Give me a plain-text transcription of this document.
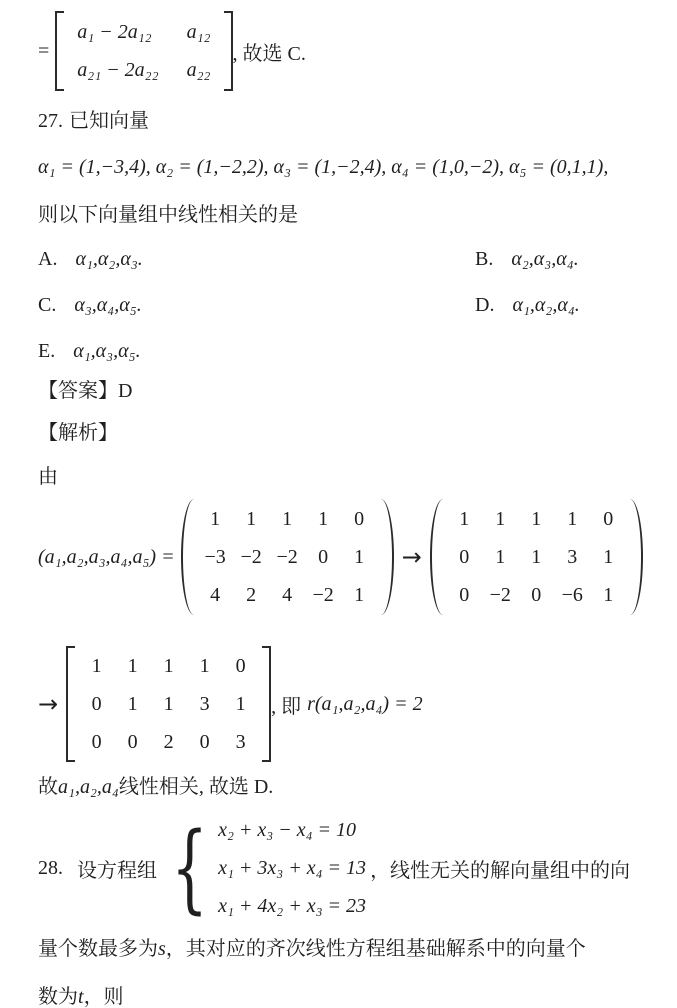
=
a₁ − 2a₁₂ a₁₂
a₂₁ − 2a₂₂ a₂₂
, 故选 C.
27. 已知向量
α₁ = (1,−3,4), α₂ = (1,−2,2), α₃ = (1,−2,4), α₄ = (1,0,−2), α₅ = (0,1,1),
则以下向量组中线性相关的是
A. α₁,α₂,α₃.	B. α₂,α₃,α₄.
C. α₃,α₄,α₅.	D. α₁,α₂,α₄.
E. α₁,α₃,α₅.
【答案】 D
【解析】
由
(a₁,a₂,a₃,a₄,a₅) =
1 1 1 1 0
−3 −2 −2 0 1
4 2 4 −2 1
→
1 1 1 1 0
0 1 1 3 1
0 −2 0 −6 1
→
1 1 1 1 0
0 1 1 3 1
0 0 2 0 3
, 即 r(a₁,a₂,a₄) = 2
故 a₁,a₂,a₄ 线性相关, 故选 D.
28. 设方程组 { x₂ + x₃ − x₄ = 10
x₁ + 3x₃ + x₄ = 13
x₁ + 4x₂ + x₃ = 23
，线性无关的解向量组中的向
量个数最多为s，其对应的齐次线性方程组基础解系中的向量个
数为t，则
